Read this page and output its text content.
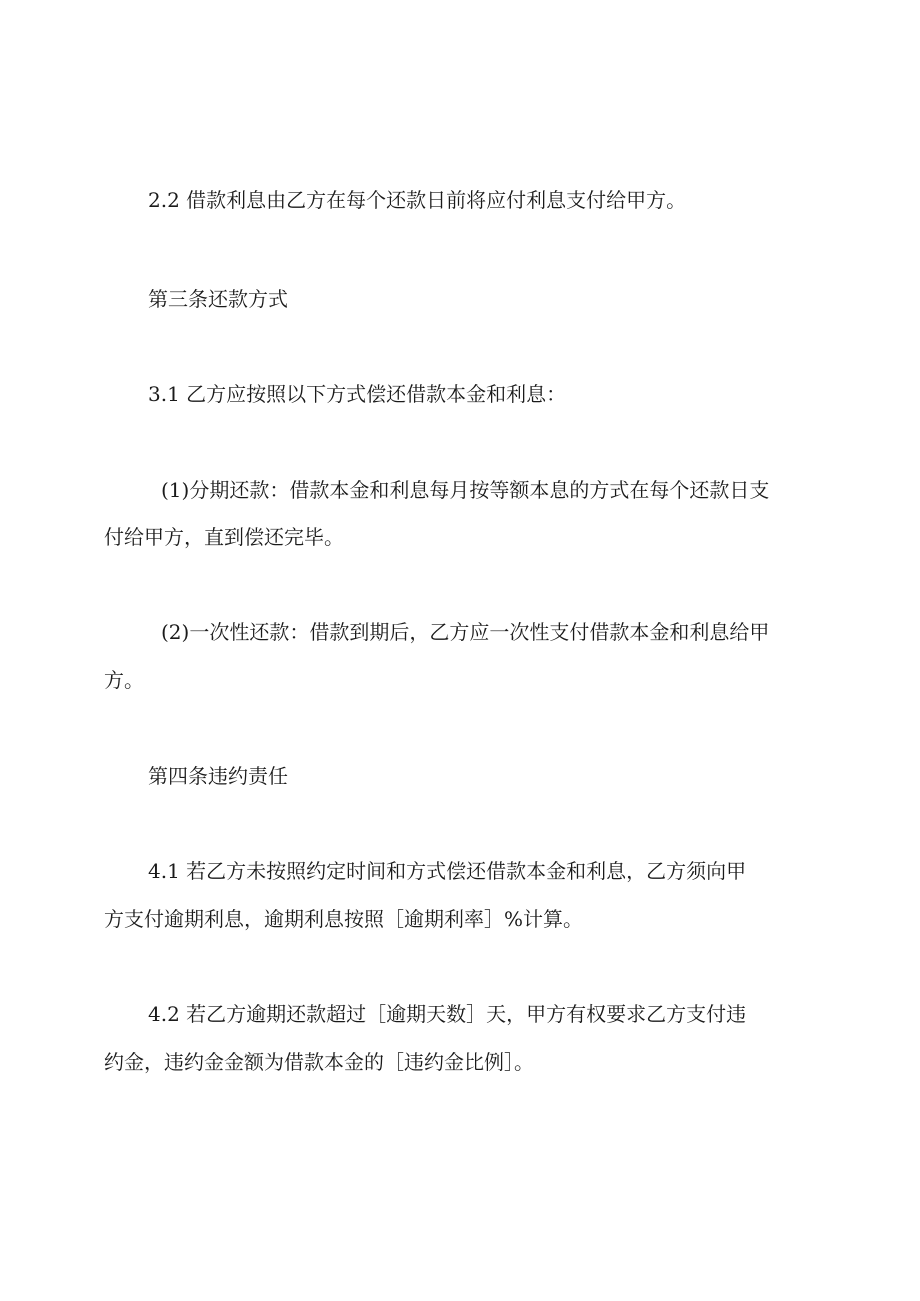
2.2 借款利息由乙方在每个还款日前将应付利息支付给甲方。

第三条还款方式

3.1 乙方应按照以下方式偿还借款本金和利息：

(1)分期还款：借款本金和利息每月按等额本息的方式在每个还款日支

付给甲方，直到偿还完毕。

(2)一次性还款：借款到期后，乙方应一次性支付借款本金和利息给甲

方。

第四条违约责任

4.1 若乙方未按照约定时间和方式偿还借款本金和利息，乙方须向甲

方支付逾期利息，逾期利息按照［逾期利率］%计算。

4.2 若乙方逾期还款超过［逾期天数］天，甲方有权要求乙方支付违

约金，违约金金额为借款本金的［违约金比例］。
